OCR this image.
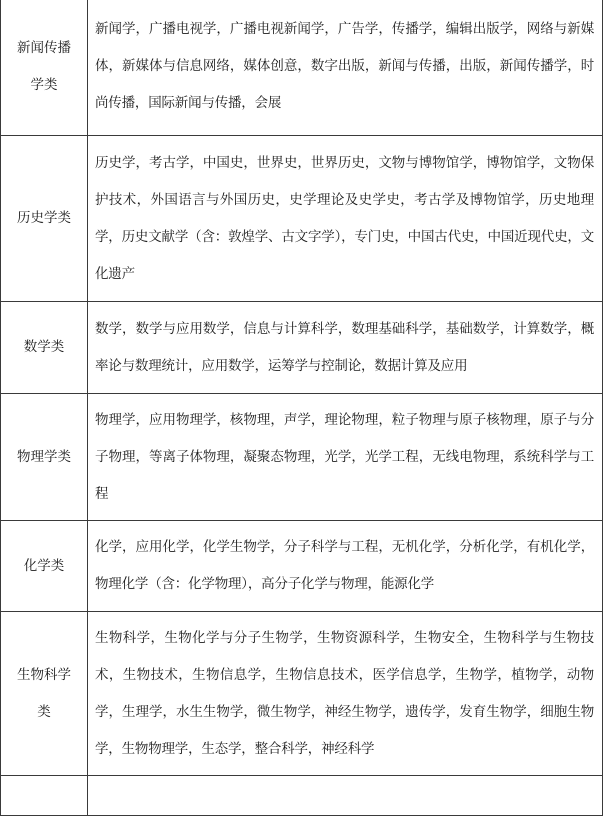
新闻传播学类	新闻学，广播电视学，广播电视新闻学，广告学，传播学，编辑出版学，网络与新媒体，新媒体与信息网络，媒体创意，数字出版，新闻与传播，出版，新闻传播学，时尚传播，国际新闻与传播，会展
历史学类	历史学，考古学，中国史，世界史，世界历史，文物与博物馆学，博物馆学，文物保护技术，外国语言与外国历史，史学理论及史学史，考古学及博物馆学，历史地理学，历史文献学（含：敦煌学、古文字学），专门史，中国古代史，中国近现代史，文化遗产
数学类	数学，数学与应用数学，信息与计算科学，数理基础科学，基础数学，计算数学，概率论与数理统计，应用数学，运筹学与控制论，数据计算及应用
物理学类	物理学，应用物理学，核物理，声学，理论物理，粒子物理与原子核物理，原子与分子物理，等离子体物理，凝聚态物理，光学，光学工程，无线电物理，系统科学与工程
化学类	化学，应用化学，化学生物学，分子科学与工程，无机化学，分析化学，有机化学，物理化学（含：化学物理），高分子化学与物理，能源化学
生物科学类	生物科学，生物化学与分子生物学，生物资源科学，生物安全，生物科学与生物技术，生物技术，生物信息学，生物信息技术，医学信息学，生物学，植物学，动物学，生理学，水生生物学，微生物学，神经生物学，遗传学，发育生物学，细胞生物学，生物物理学，生态学，整合科学，神经科学
